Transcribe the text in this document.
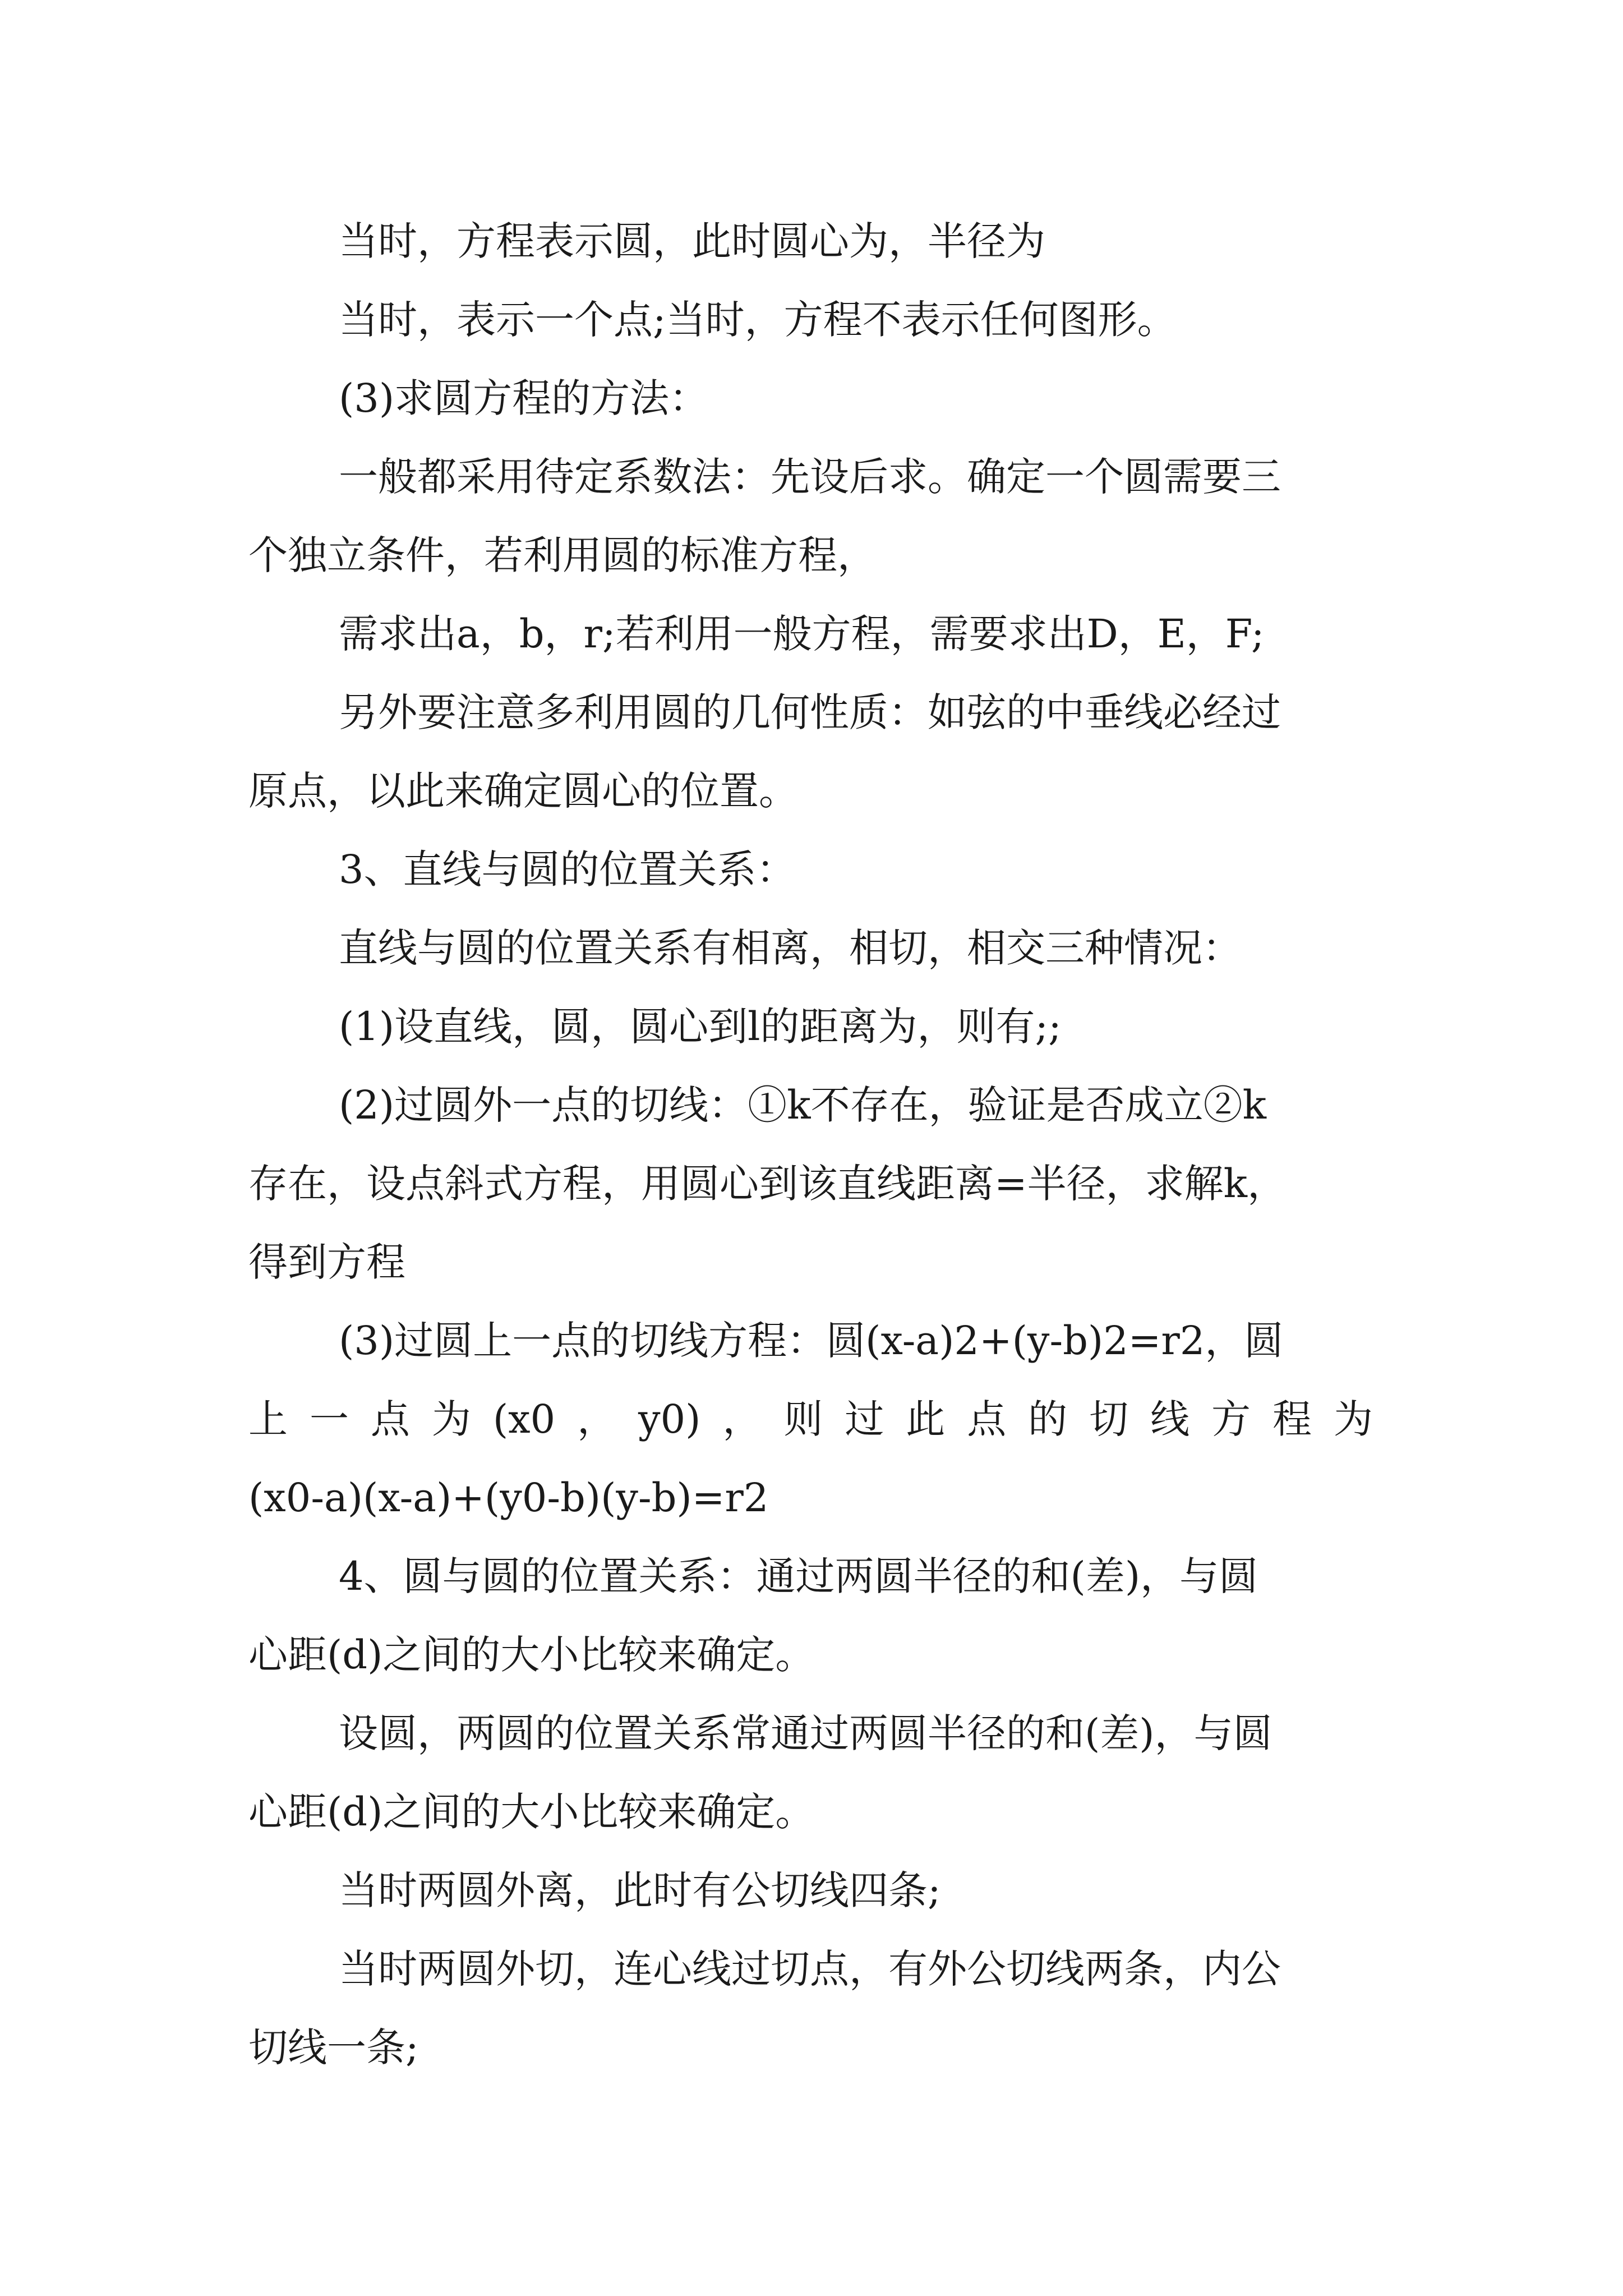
当时，方程表示圆，此时圆心为，半径为
当时，表示一个点;当时，方程不表示任何图形。
(3)求圆方程的方法：
一般都采用待定系数法：先设后求。确定一个圆需要三
个独立条件，若利用圆的标准方程，
需求出a，b，r;若利用一般方程，需要求出D，E，F;
另外要注意多利用圆的几何性质：如弦的中垂线必经过
原点，以此来确定圆心的位置。
3、直线与圆的位置关系：
直线与圆的位置关系有相离，相切，相交三种情况：
(1)设直线，圆，圆心到l的距离为，则有;;
(2)过圆外一点的切线：①k不存在，验证是否成立②k
存在，设点斜式方程，用圆心到该直线距离=半径，求解k，
得到方程
(3)过圆上一点的切线方程：圆(x-a)2+(y-b)2=r2，圆
上 一 点 为 (x0 ， y0) ， 则 过 此 点 的 切 线 方 程 为
(x0-a)(x-a)+(y0-b)(y-b)=r2
4、圆与圆的位置关系：通过两圆半径的和(差)，与圆
心距(d)之间的大小比较来确定。
设圆，两圆的位置关系常通过两圆半径的和(差)，与圆
心距(d)之间的大小比较来确定。
当时两圆外离，此时有公切线四条;
当时两圆外切，连心线过切点，有外公切线两条，内公
切线一条;
